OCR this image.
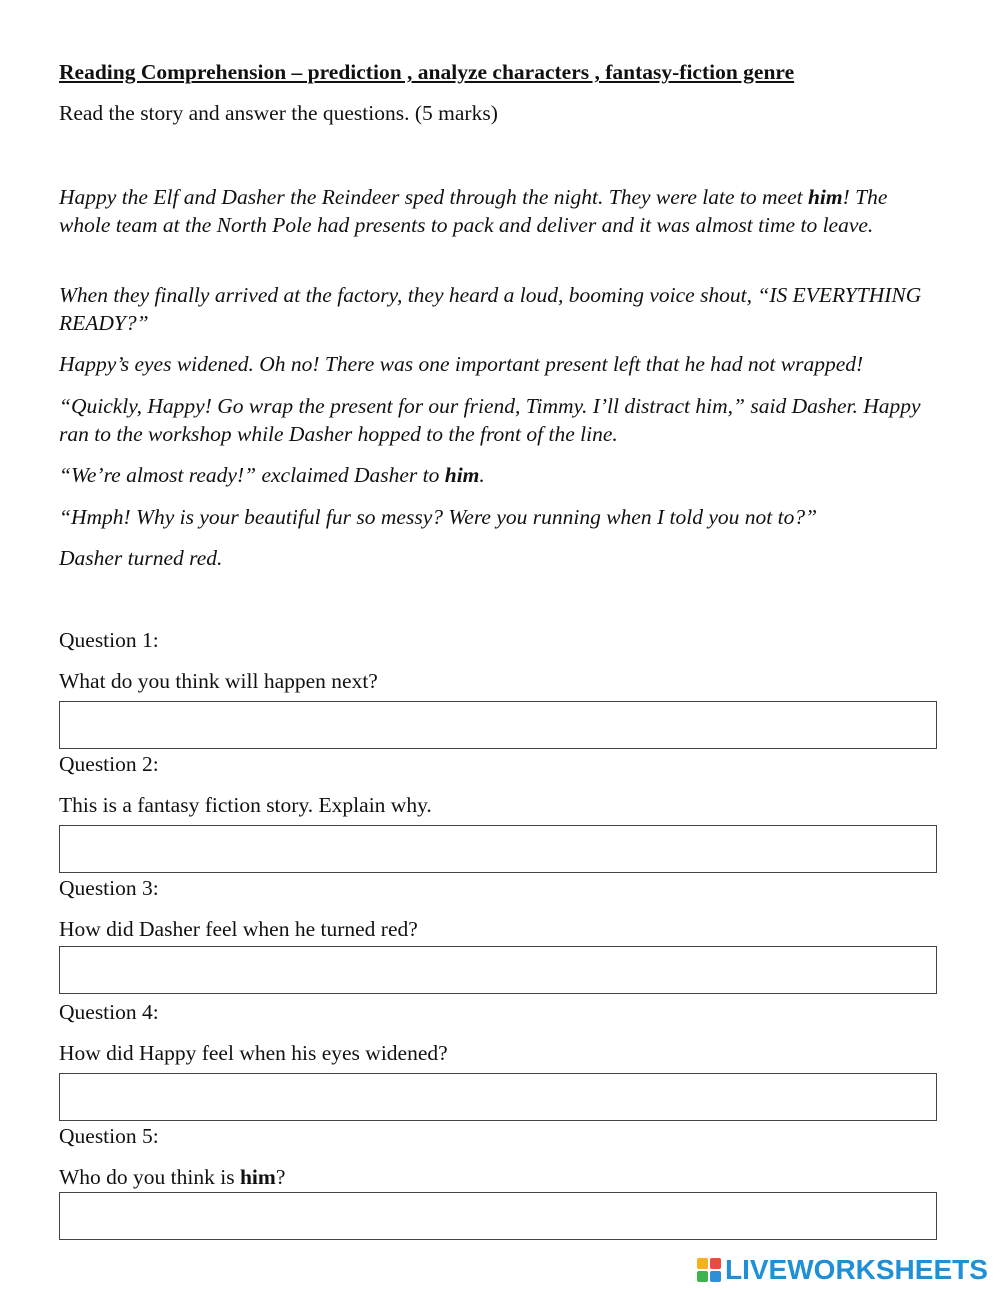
Reading Comprehension – prediction , analyze characters , fantasy-fiction genre
Read the story and answer the questions. (5 marks)

Happy the Elf and Dasher the Reindeer sped through the night. They were late to meet him! The whole team at the North Pole had presents to pack and deliver and it was almost time to leave.

When they finally arrived at the factory, they heard a loud, booming voice shout, “IS EVERYTHING READY?”

Happy’s eyes widened. Oh no! There was one important present left that he had not wrapped!

“Quickly, Happy! Go wrap the present for our friend, Timmy. I’ll distract him,” said Dasher. Happy ran to the workshop while Dasher hopped to the front of the line.

“We’re almost ready!” exclaimed Dasher to him.

“Hmph! Why is your beautiful fur so messy? Were you running when I told you not to?”

Dasher turned red.

Question 1:
What do you think will happen next?
Question 2:
This is a fantasy fiction story. Explain why.
Question 3:
How did Dasher feel when he turned red?
Question 4:
How did Happy feel when his eyes widened?
Question 5:
Who do you think is him?
LIVEWORKSHEETS
